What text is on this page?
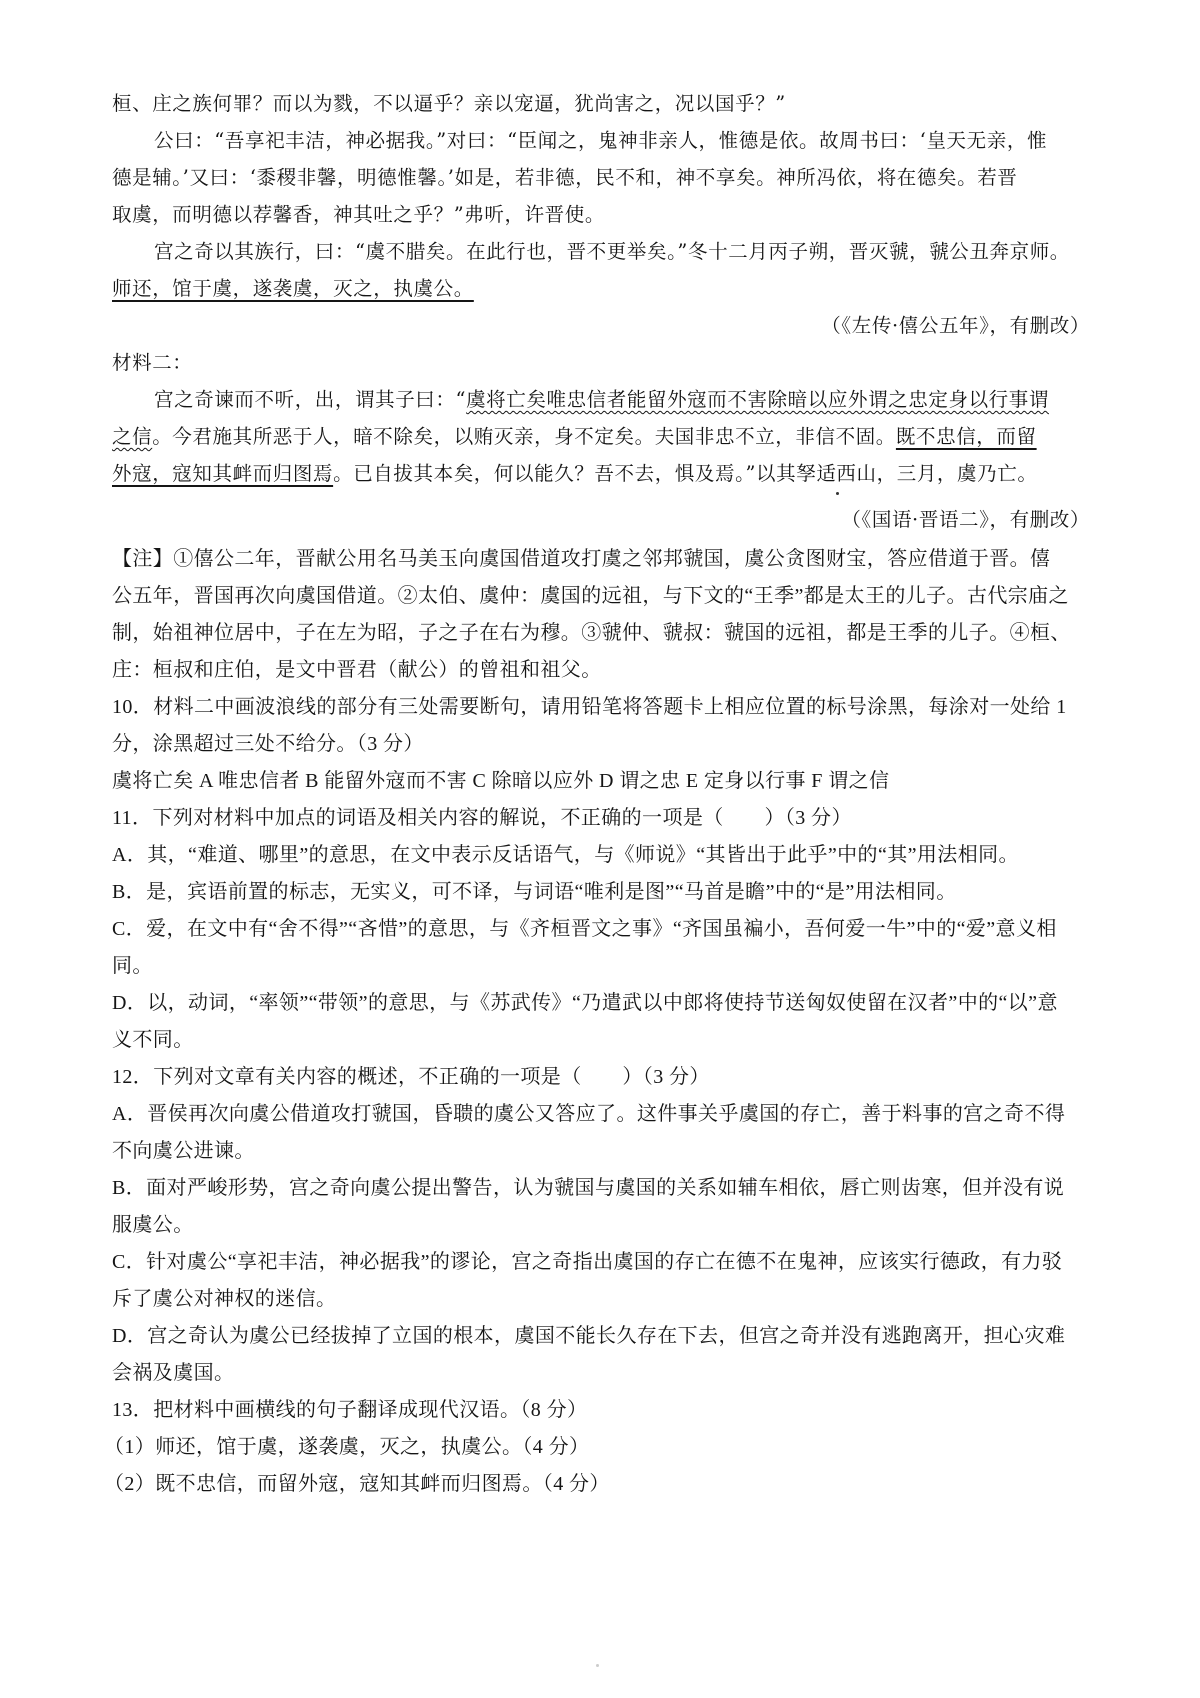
桓、庄之族何罪？而以为戮，不以逼乎？亲以宠逼，犹尚害之，况以国乎？”
公曰：“吾享祀丰洁，神必据我。”对曰：“臣闻之，鬼神非亲人，惟德是依。故周书曰：‘皇天无亲，惟
德是辅。’又曰：‘黍稷非馨，明德惟馨。’如是，若非德，民不和，神不享矣。神所冯依，将在德矣。若晋
取虞，而明德以荐馨香，神其吐之乎？”弗听，许晋使。
宫之奇以其族行，曰：“虞不腊矣。在此行也，晋不更举矣。”冬十二月丙子朔，晋灭虢，虢公丑奔京师。
师还，馆于虞，遂袭虞，灭之，执虞公。
（《左传·僖公五年》，有删改）
材料二：
宫之奇谏而不听，出，谓其子曰：“虞将亡矣唯忠信者能留外寇而不害除暗以应外谓之忠定身以行事谓
之信。今君施其所恶于人，暗不除矣，以贿灭亲，身不定矣。夫国非忠不立，非信不固。既不忠信，而留
外寇，寇知其衅而归图焉。已自拔其本矣，何以能久？吾不去，惧及焉。”以其孥适西山，三月，虞乃亡。
（《国语·晋语二》，有删改）
【注】①僖公二年，晋献公用名马美玉向虞国借道攻打虞之邻邦虢国，虞公贪图财宝，答应借道于晋。僖
公五年，晋国再次向虞国借道。②太伯、虞仲：虞国的远祖，与下文的“王季”都是太王的儿子。古代宗庙之
制，始祖神位居中，子在左为昭，子之子在右为穆。③虢仲、虢叔：虢国的远祖，都是王季的儿子。④桓、
庄：桓叔和庄伯，是文中晋君（献公）的曾祖和祖父。
10．材料二中画波浪线的部分有三处需要断句，请用铅笔将答题卡上相应位置的标号涂黑，每涂对一处给 1
分，涂黑超过三处不给分。（3 分）
虞将亡矣 A 唯忠信者 B 能留外寇而不害 C 除暗以应外 D 谓之忠 E 定身以行事 F 谓之信
11．下列对材料中加点的词语及相关内容的解说，不正确的一项是（　　）（3 分）
A．其，“难道、哪里”的意思，在文中表示反话语气，与《师说》“其皆出于此乎”中的“其”用法相同。
B．是，宾语前置的标志，无实义，可不译，与词语“唯利是图”“马首是瞻”中的“是”用法相同。
C．爱，在文中有“舍不得”“吝惜”的意思，与《齐桓晋文之事》“齐国虽褊小，吾何爱一牛”中的“爱”意义相
同。
D．以，动词，“率领”“带领”的意思，与《苏武传》“乃遣武以中郎将使持节送匈奴使留在汉者”中的“以”意
义不同。
12．下列对文章有关内容的概述，不正确的一项是（　　）（3 分）
A．晋侯再次向虞公借道攻打虢国，昏聩的虞公又答应了。这件事关乎虞国的存亡，善于料事的宫之奇不得
不向虞公进谏。
B．面对严峻形势，宫之奇向虞公提出警告，认为虢国与虞国的关系如辅车相依，唇亡则齿寒，但并没有说
服虞公。
C．针对虞公“享祀丰洁，神必据我”的谬论，宫之奇指出虞国的存亡在德不在鬼神，应该实行德政，有力驳
斥了虞公对神权的迷信。
D．宫之奇认为虞公已经拔掉了立国的根本，虞国不能长久存在下去，但宫之奇并没有逃跑离开，担心灾难
会祸及虞国。
13．把材料中画横线的句子翻译成现代汉语。（8 分）
（1）师还，馆于虞，遂袭虞，灭之，执虞公。（4 分）
（2）既不忠信，而留外寇，寇知其衅而归图焉。（4 分）
